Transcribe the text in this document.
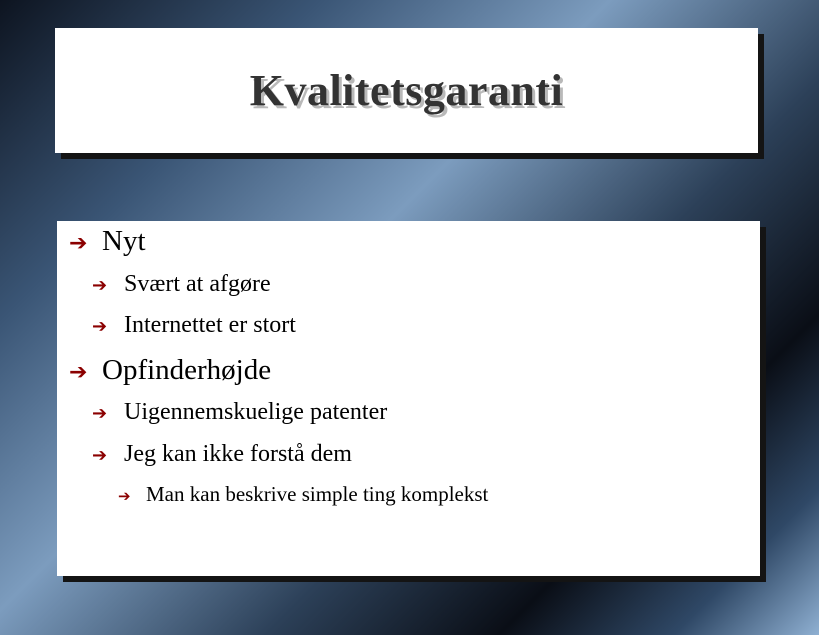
Kvalitetsgaranti
➔ Nyt
➔ Svært at afgøre
➔ Internettet er stort
➔ Opfinderhøjde
➔ Uigennemskuelige patenter
➔ Jeg kan ikke forstå dem
➔ Man kan beskrive simple ting komplekst
